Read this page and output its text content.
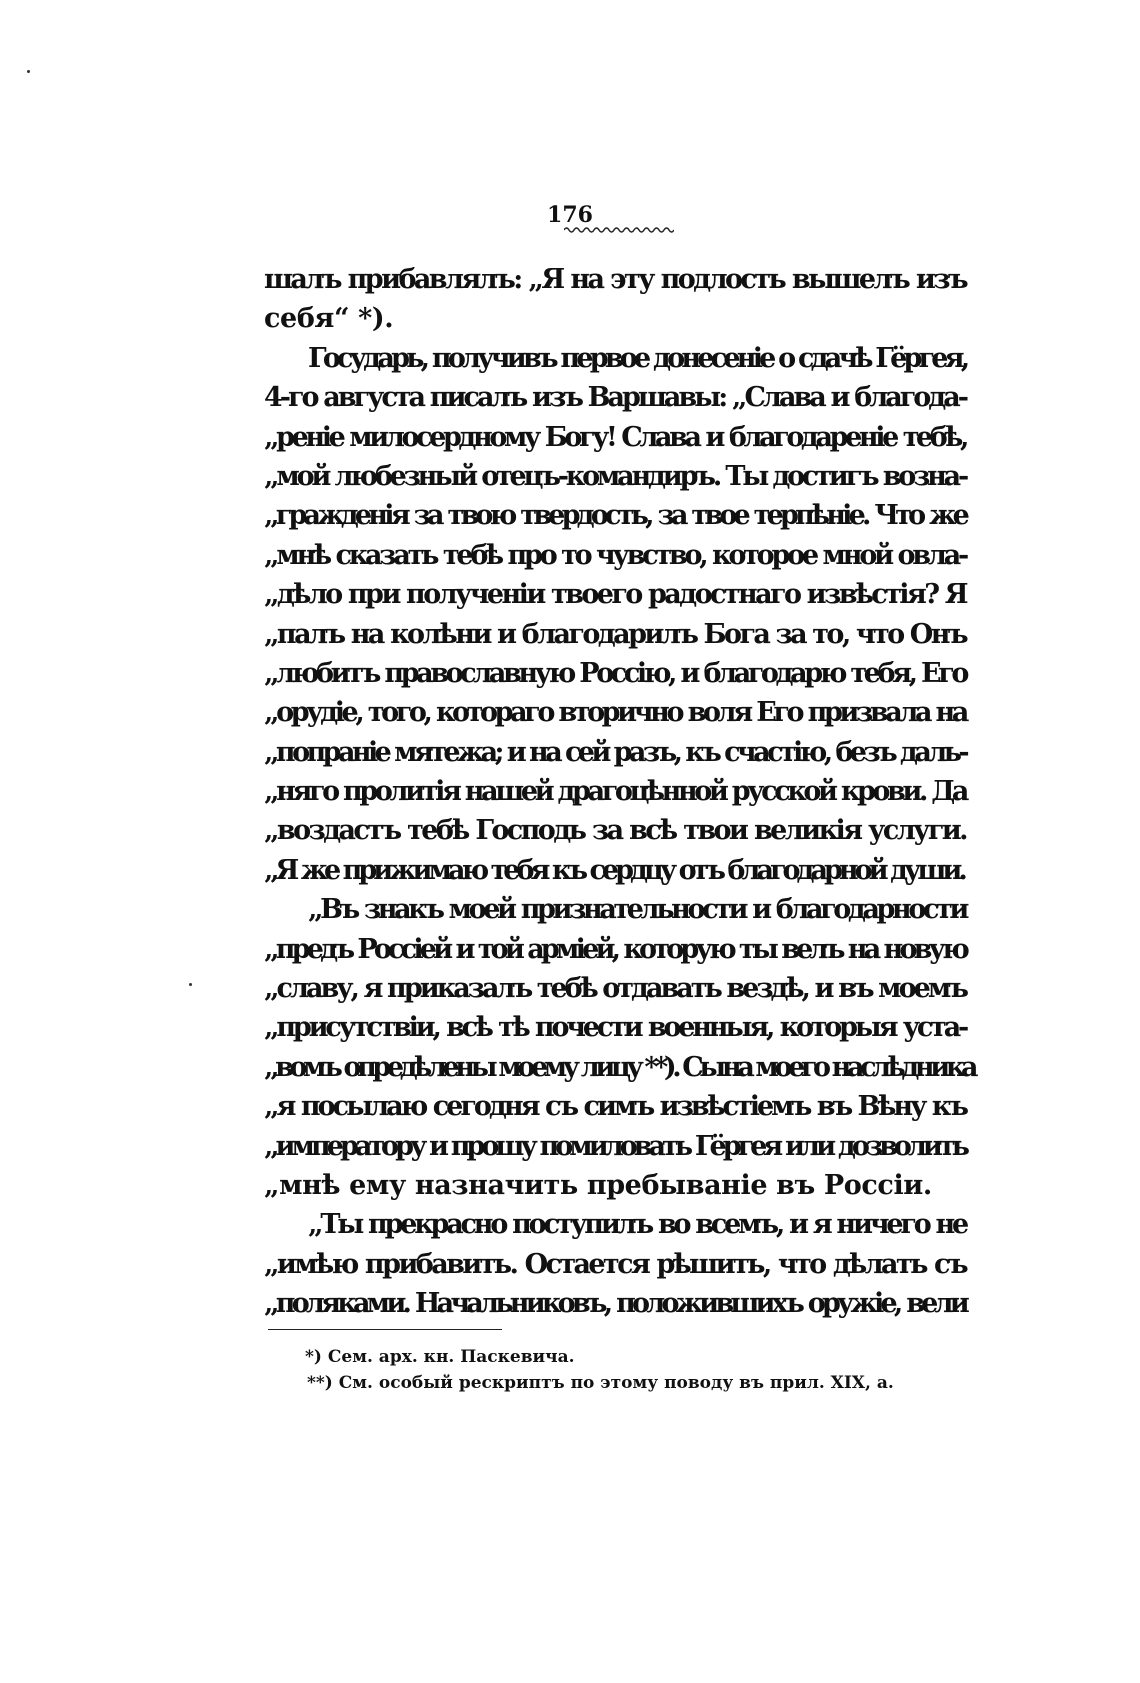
176
шалъ прибавлялъ: „Я на эту подлость вышелъ изъ
себя“ *).
Государь, получивъ первое донесеніе о сдачѣ Гёргея,
4-го августа писалъ изъ Варшавы: „Слава и благода-
„реніе милосердному Богу! Слава и благодареніе тебѣ,
„мой любезный отецъ-командиръ. Ты достигъ возна-
„гражденія за твою твердость, за твое терпѣніе. Что же
„мнѣ сказать тебѣ про то чувство, которое мной овла-
„дѣло при полученіи твоего радостнаго извѣстія? Я
„палъ на колѣни и благодарилъ Бога за то, что Онъ
„любитъ православную Россію, и благодарю тебя, Его
„орудіе, того, котораго вторично воля Его призвала на
„попраніе мятежа; и на сей разъ, къ счастію, безъ даль-
„няго пролитія нашей драгоцѣнной русской крови. Да
„воздастъ тебѣ Господь за всѣ твои великія услуги.
„Я же прижимаю тебя къ сердцу отъ благодарной души.
„Въ знакъ моей признательности и благодарности
„предъ Россіей и той арміей, которую ты велъ на новую
„славу, я приказалъ тебѣ отдавать вездѣ, и въ моемъ
„присутствіи, всѣ тѣ почести военныя, которыя уста-
„вомъ опредѣлены моему лицу **). Сына моего наслѣдника
„я посылаю сегодня съ симъ извѣстіемъ въ Вѣну къ
„императору и прошу помиловать Гёргея или дозволить
„мнѣ ему назначить пребываніе въ Россіи.
„Ты прекрасно поступилъ во всемъ, и я ничего не
„имѣю прибавить. Остается рѣшить, что дѣлать съ
„поляками. Начальниковъ, положившихъ оружіе, вели
*) Сем. арх. кн. Паскевича.
**) См. особый рескриптъ по этому поводу въ прил. XIX, а.
